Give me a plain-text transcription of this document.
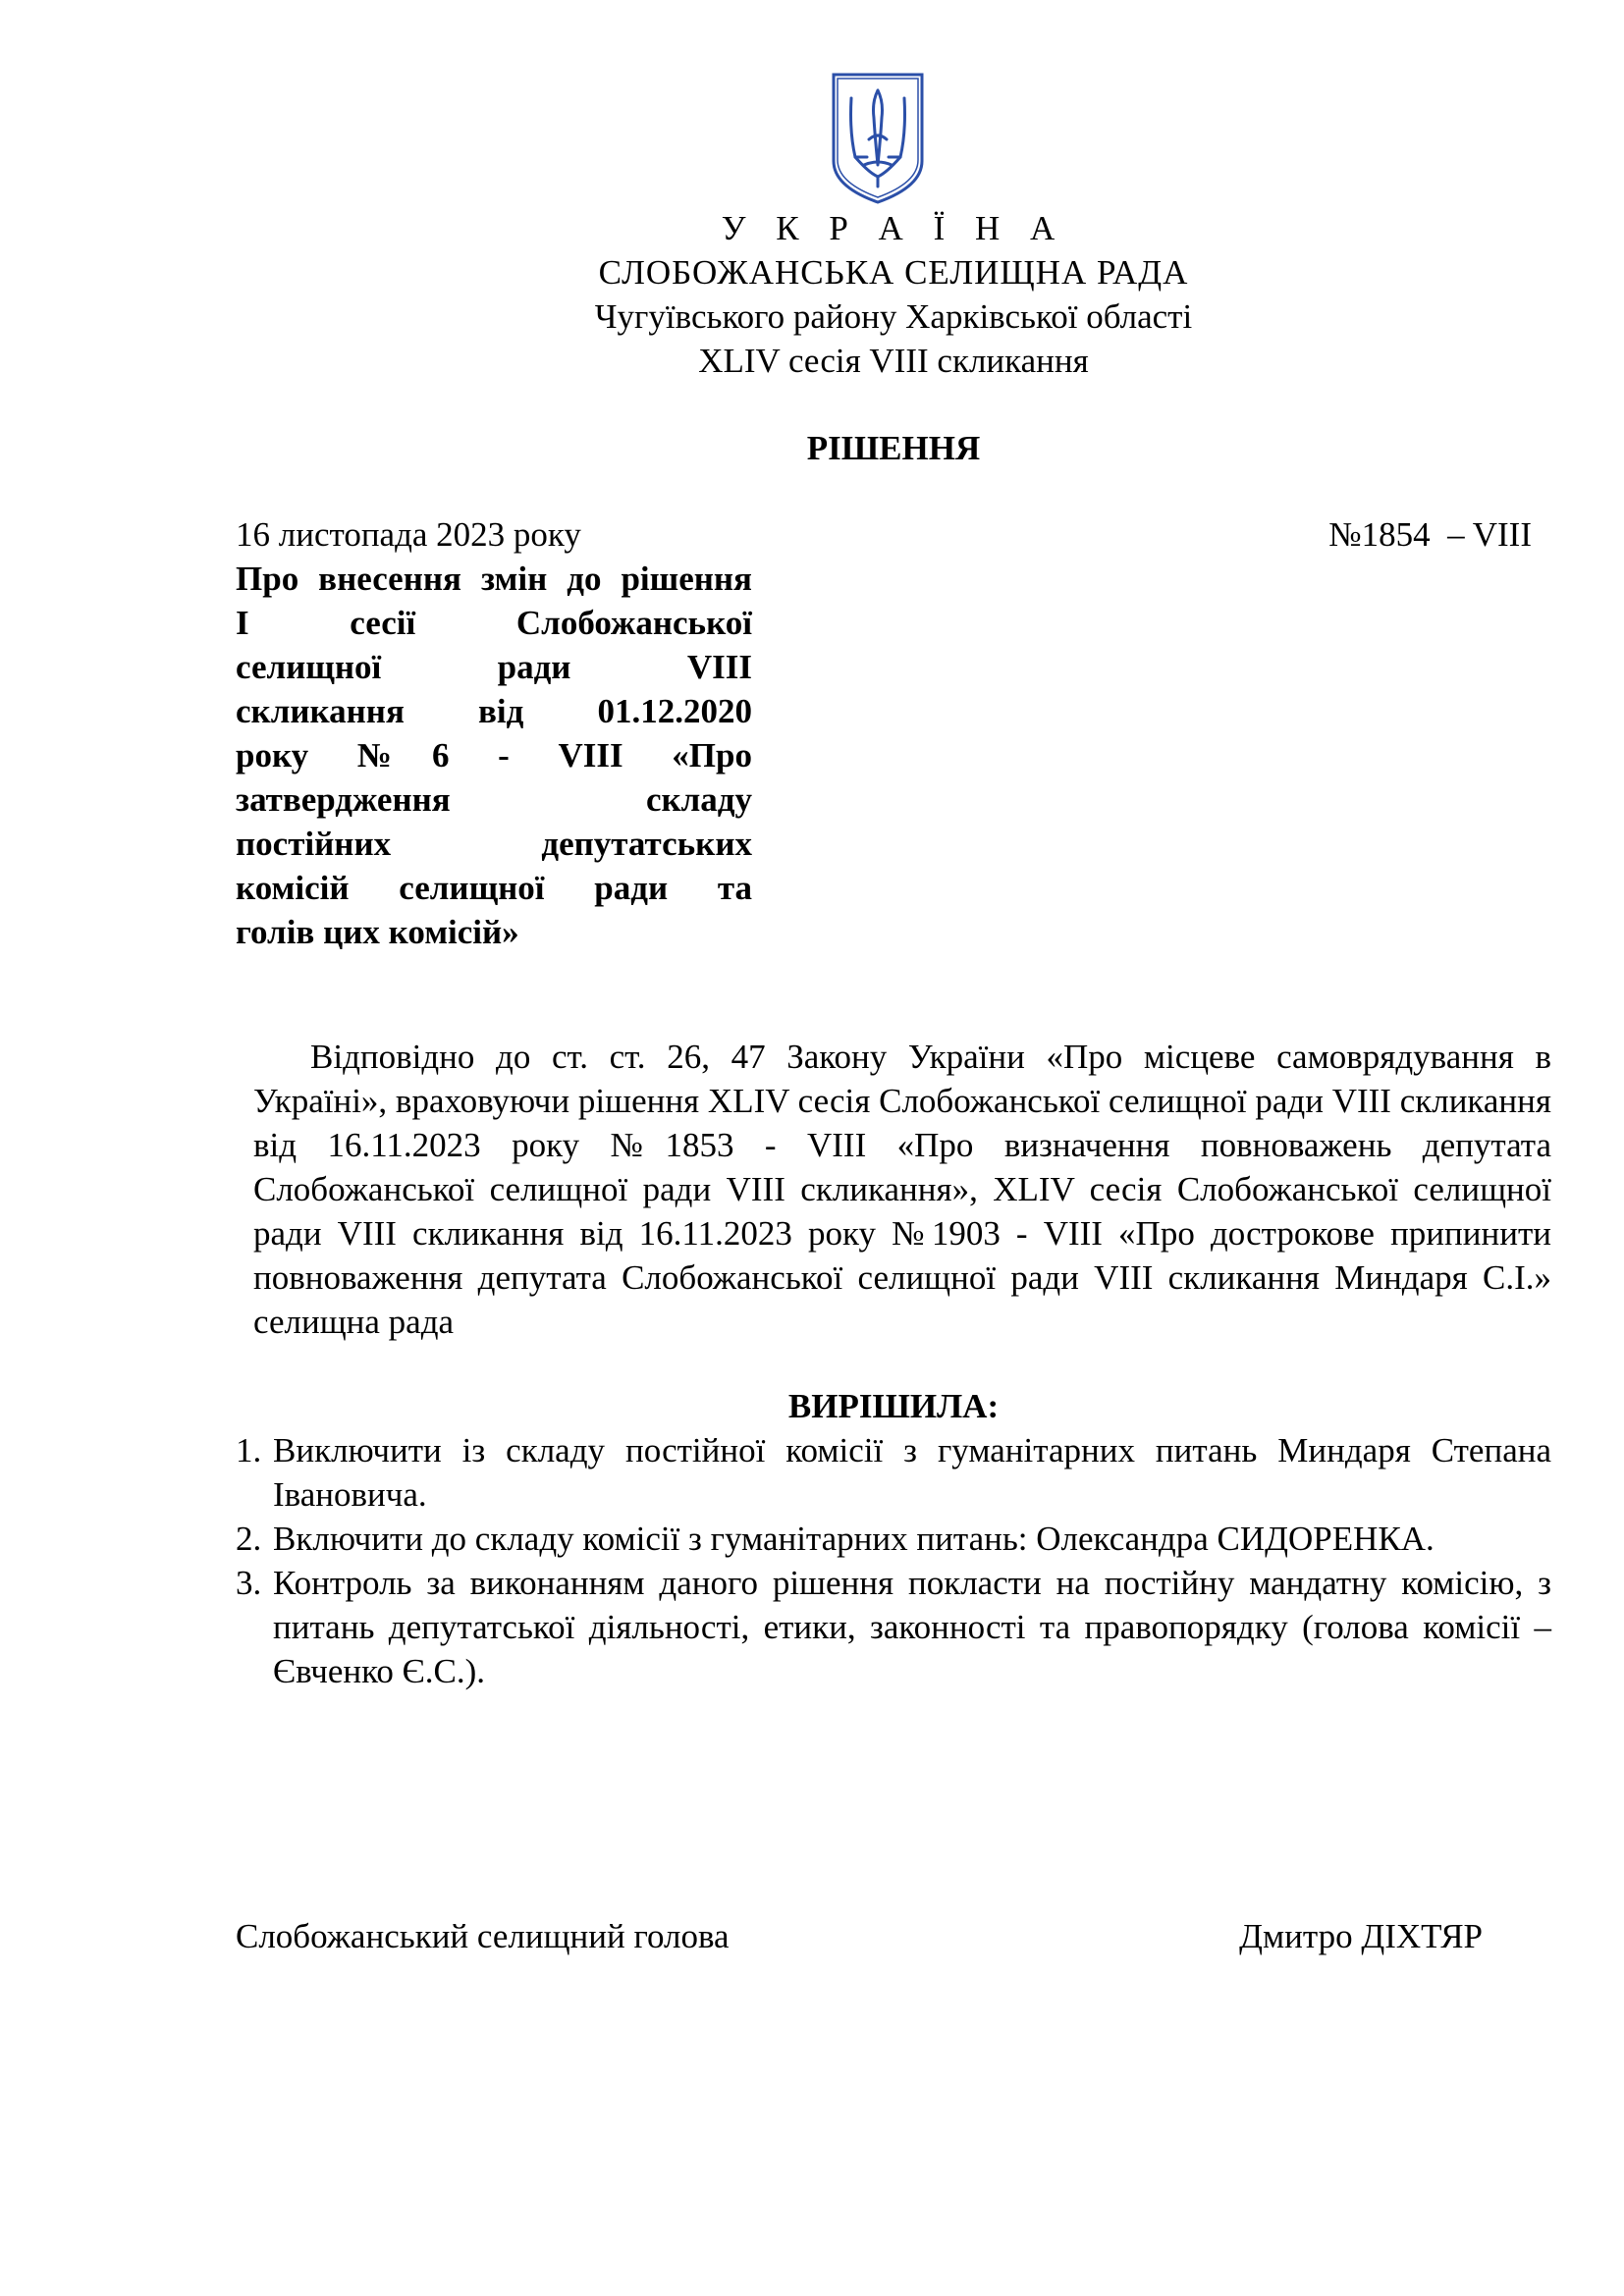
У К Р А Ї Н А
СЛОБОЖАНСЬКА СЕЛИЩНА РАДА
Чугуївського району Харківської області
XLIV сесія VIII скликання
РІШЕННЯ
16 листопада 2023 року	№1854  – VIII
Про внесення змін до рішення
І сесії Слобожанської
селищної ради VIIІ
скликання від 01.12.2020
року №6 - VIII «Про
затвердження складу
постійних депутатських
комісій селищної ради та
голів цих комісій»
Відповідно до ст. ст. 26, 47 Закону України «Про місцеве самоврядування в Україні», враховуючи рішення XLIV сесія Слобожанської селищної ради VIII скликання від 16.11.2023 року №1853 - VIII «Про визначення повноважень депутата Слобожанської селищної ради VIII скликання», XLIV сесія Слобожанської селищної ради VIII скликання від 16.11.2023 року №1903 - VIII «Про дострокове припинити повноваження депутата Слобожанської селищної ради VIII скликання Миндаря С.І.» селищна рада
ВИРІШИЛА:
1. Виключити із складу постійної комісії з гуманітарних питань Миндаря Степана Івановича.
2. Включити до складу комісії з гуманітарних питань: Олександра СИДОРЕНКА.
3. Контроль за виконанням даного рішення покласти на постійну мандатну комісію, з питань депутатської діяльності, етики, законності та правопорядку (голова комісії – Євченко Є.С.).
Слобожанський селищний голова	Дмитро ДІХТЯР
